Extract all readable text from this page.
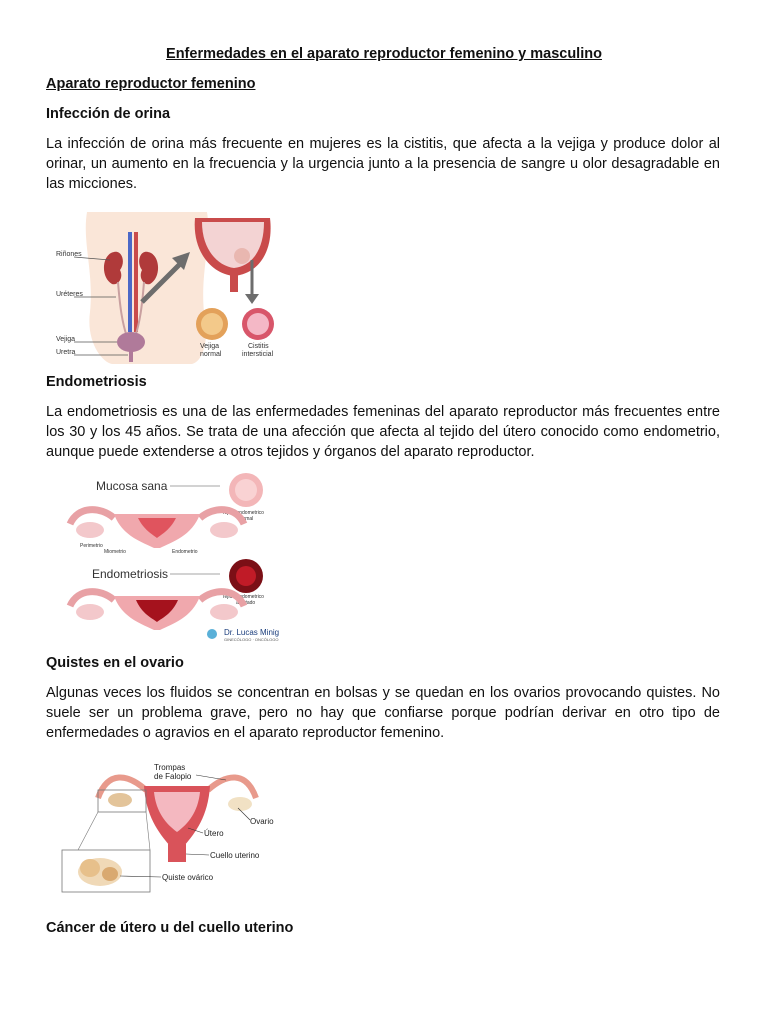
Enfermedades en el aparato reproductor femenino y masculino
Aparato reproductor femenino
Infección de orina
La infección de orina más frecuente en mujeres es la cistitis, que afecta a la vejiga y produce dolor al orinar, un aumento en la frecuencia y la urgencia junto a la presencia de sangre u olor desagradable en las micciones.
Riñones
Uréteres
Vejiga
Uretra
Vejiga
normal
Cistitis
intersticial
Endometriosis
La endometriosis es una de las enfermedades femeninas del aparato reproductor más frecuentes entre los 30 y los 45 años. Se trata de una afección que afecta al tejido del útero conocido como endometrio, aunque puede extenderse a otros tejidos y órganos del aparato reproductor.
Mucosa sana
Tejido endometrico
normal
Perimetrio
Miometrio	Endometrio
Endometriosis
Tejido endometrico
afectado
Dr. Lucas Minig
GINECÓLOGO · ONCÓLOGO
Quistes en el ovario
Algunas veces los fluidos se concentran en bolsas y se quedan en los ovarios provocando quistes. No suele ser un problema grave, pero no hay que confiarse porque podrían derivar en otro tipo de enfermedades o agravios en el aparato reproductor femenino.
Trompas
de Falopio
Ovario
Útero
Cuello uterino
Quiste ovárico
Cáncer de útero u del cuello uterino
